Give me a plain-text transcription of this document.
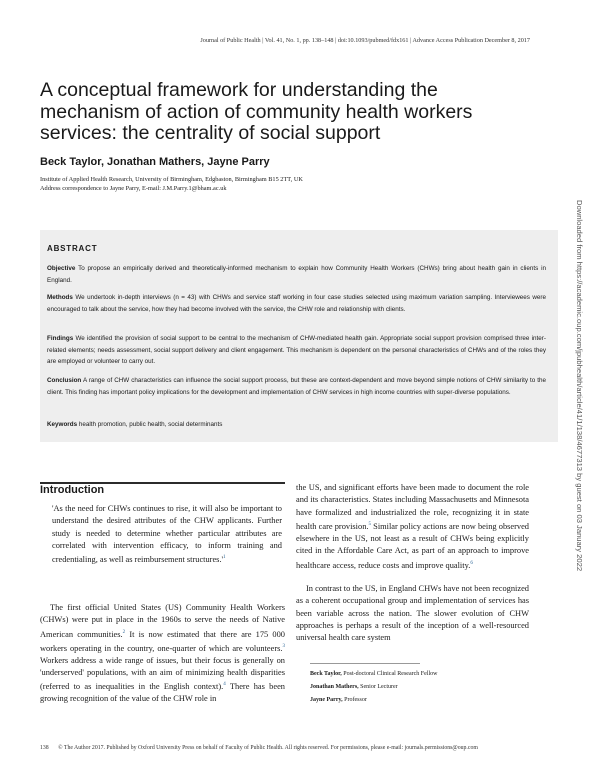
Journal of Public Health | Vol. 41, No. 1, pp. 138–148 | doi:10.1093/pubmed/fdx161 | Advance Access Publication December 8, 2017
A conceptual framework for understanding the mechanism of action of community health workers services: the centrality of social support
Beck Taylor, Jonathan Mathers, Jayne Parry
Institute of Applied Health Research, University of Birmingham, Edgbaston, Birmingham B15 2TT, UK
Address correspondence to Jayne Parry, E-mail: J.M.Parry.1@bham.ac.uk
Downloaded from https://academic.oup.com/jpubhealth/article/41/1/138/4677313 by guest on 03 January 2022
ABSTRACT

Objective To propose an empirically derived and theoretically-informed mechanism to explain how Community Health Workers (CHWs) bring about health gain in clients in England.

Methods We undertook in-depth interviews (n = 43) with CHWs and service staff working in four case studies selected using maximum variation sampling. Interviewees were encouraged to talk about the service, how they had become involved with the service, the CHW role and relationship with clients.

Findings We identified the provision of social support to be central to the mechanism of CHW-mediated health gain. Appropriate social support provision comprised three inter-related elements; needs assessment, social support delivery and client engagement. This mechanism is dependent on the personal characteristics of CHWs and of the roles they are employed or volunteer to carry out.

Conclusion A range of CHW characteristics can influence the social support process, but these are context-dependent and move beyond simple notions of CHW similarity to the client. This finding has important policy implications for the development and implementation of CHW services in high income countries with super-diverse populations.

Keywords health promotion, public health, social determinants

Introduction

'As the need for CHWs continues to rise, it will also be important to understand the desired attributes of the CHW applicants. Further study is needed to determine whether particular attributes are correlated with intervention efficacy, to inform training and credentialing, as well as reimbursement $structures.'^1$

The first official United States (US) Community Health Workers (CHWs) were put in place in the 1960s to serve the needs of Native American communities.$^2$ It is now estimated that there are 175 000 workers operating in the country, one-quarter of which are volunteers.$^3$ Workers address a wide range of issues, but their focus is generally on 'underserved' populations, with an aim of minimizing health disparities (referred to as inequalities in the English context).$^4$ There has been growing recognition of the value of the CHW role in

the US, and significant efforts have been made to document the role and its characteristics. States including Massachusetts and Minnesota have formalized and industrialized the role, recognizing it in state health care provision.$^5$ Similar policy actions are now being observed elsewhere in the US, not least as a result of CHWs being explicitly cited in the Affordable Care Act, as part of an approach to improve healthcare access, reduce costs and improve quality.$^6$

In contrast to the US, in England CHWs have not been recognized as a coherent occupational group and implementation of services has been variable across the nation. The slower evolution of CHW approaches is perhaps a result of the inception of a well-resourced universal health care system

Beck Taylor, Post-doctoral Clinical Research Fellow
Jonathan Mathers, Senior Lecturer
Jayne Parry, Professor
138 © The Author 2017. Published by Oxford University Press on behalf of Faculty of Public Health. All rights reserved. For permissions, please e-mail: journals.permissions@oup.com
